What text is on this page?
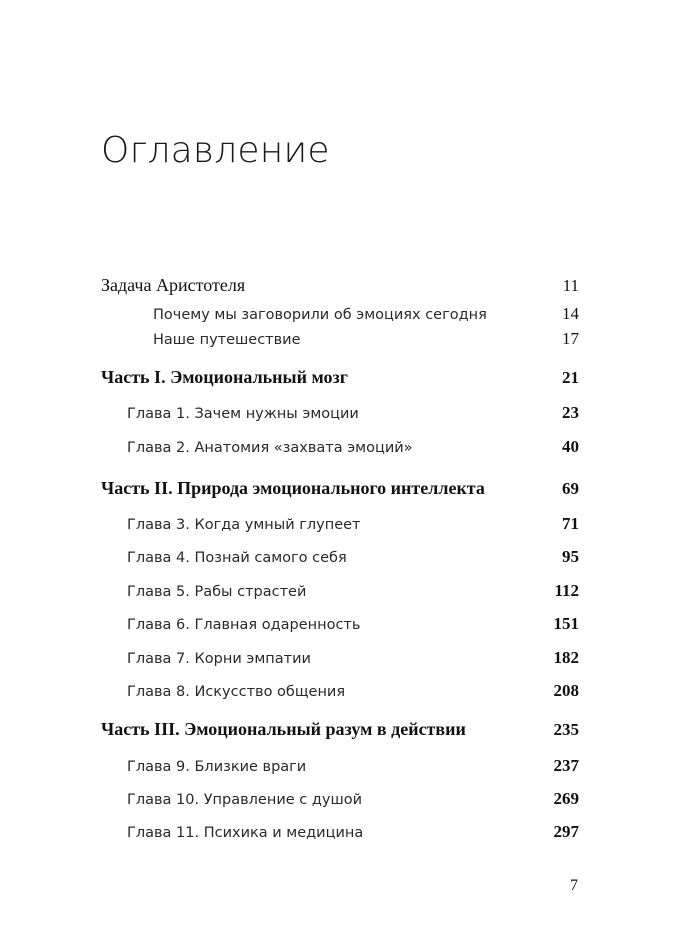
Оглавление
Задача Аристотеля	11
Почему мы заговорили об эмоциях сегодня	14
Наше путешествие	17
Часть I. Эмоциональный мозг	21
Глава 1. Зачем нужны эмоции	23
Глава 2. Анатомия «захвата эмоций»	40
Часть II. Природа эмоционального интеллекта	69
Глава 3. Когда умный глупеет	71
Глава 4. Познай самого себя	95
Глава 5. Рабы страстей	112
Глава 6. Главная одаренность	151
Глава 7. Корни эмпатии	182
Глава 8. Искусство общения	208
Часть III. Эмоциональный разум в действии	235
Глава 9. Близкие враги	237
Глава 10. Управление с душой	269
Глава 11. Психика и медицина	297
7
